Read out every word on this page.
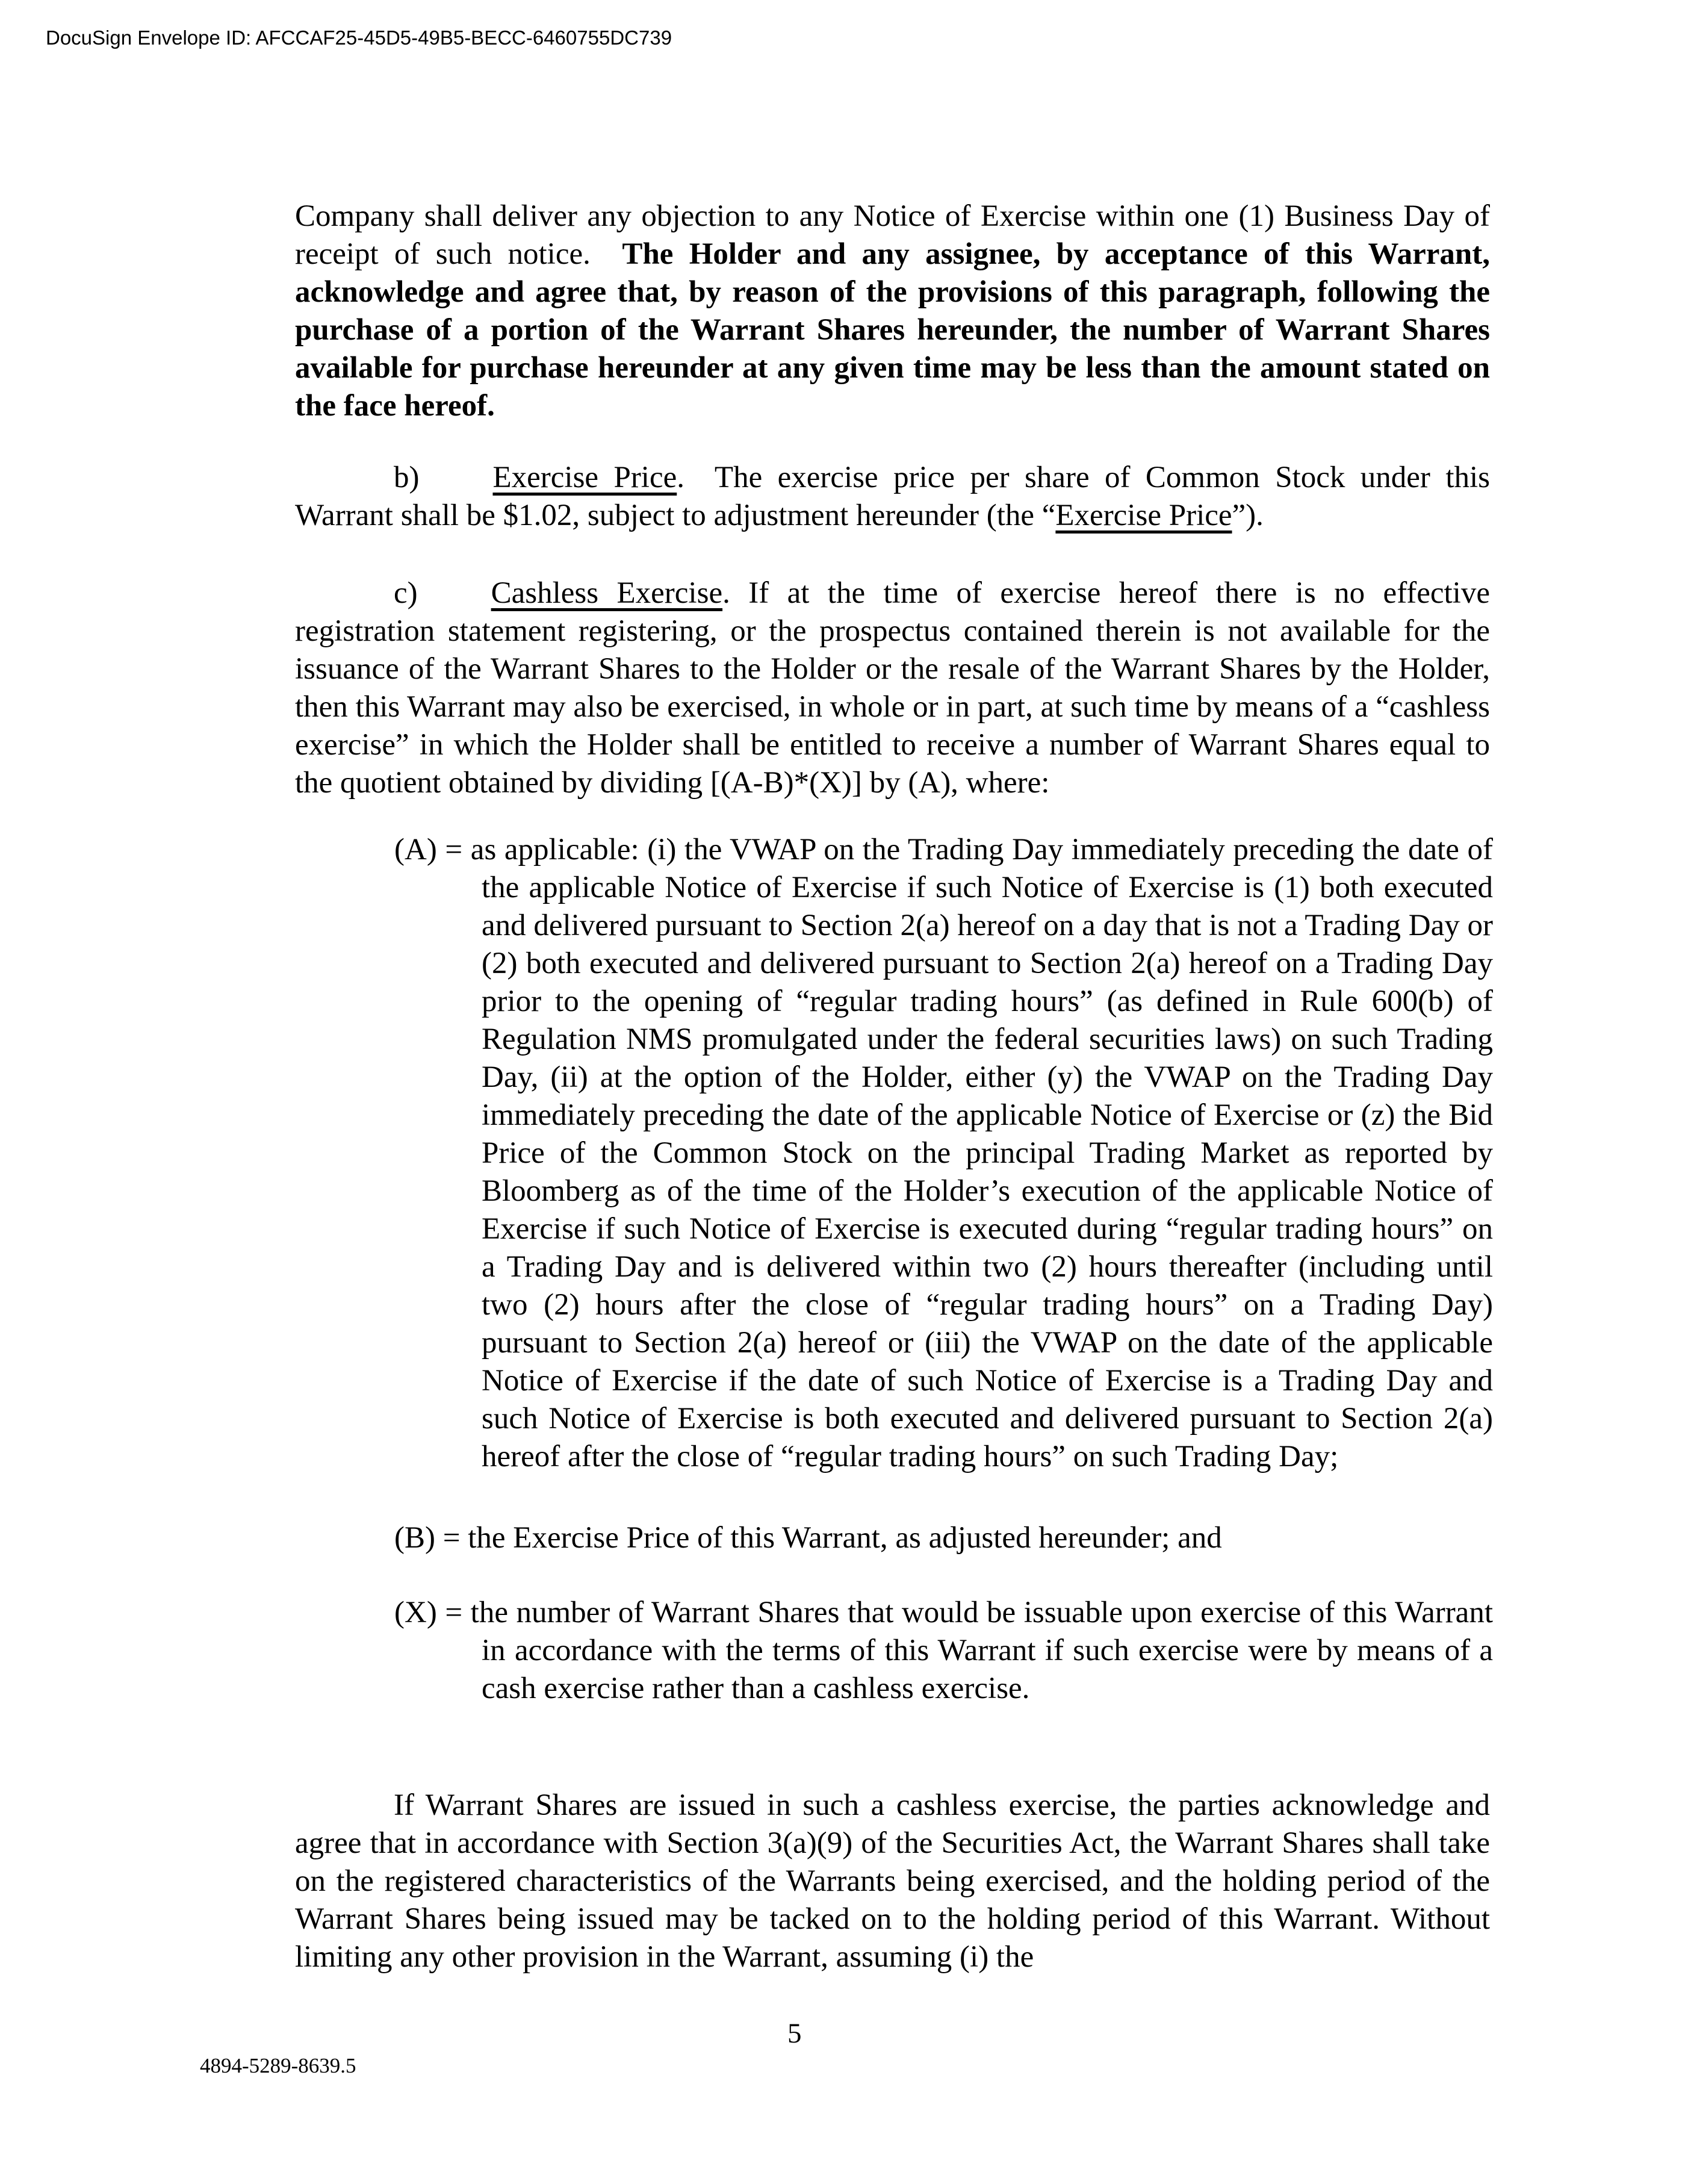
DocuSign Envelope ID: AFCCAF25-45D5-49B5-BECC-6460755DC739

Company shall deliver any objection to any Notice of Exercise within one (1) Business Day of receipt of such notice.  The Holder and any assignee, by acceptance of this Warrant, acknowledge and agree that, by reason of the provisions of this paragraph, following the purchase of a portion of the Warrant Shares hereunder, the number of Warrant Shares available for purchase hereunder at any given time may be less than the amount stated on the face hereof.

b) Exercise Price.  The exercise price per share of Common Stock under this Warrant shall be $1.02, subject to adjustment hereunder (the “Exercise Price”).

c) Cashless Exercise. If at the time of exercise hereof there is no effective registration statement registering, or the prospectus contained therein is not available for the issuance of the Warrant Shares to the Holder or the resale of the Warrant Shares by the Holder, then this Warrant may also be exercised, in whole or in part, at such time by means of a “cashless exercise” in which the Holder shall be entitled to receive a number of Warrant Shares equal to the quotient obtained by dividing [(A-B)*(X)] by (A), where:

(A) = as applicable: (i) the VWAP on the Trading Day immediately preceding the date of the applicable Notice of Exercise if such Notice of Exercise is (1) both executed and delivered pursuant to Section 2(a) hereof on a day that is not a Trading Day or (2) both executed and delivered pursuant to Section 2(a) hereof on a Trading Day prior to the opening of “regular trading hours” (as defined in Rule 600(b) of Regulation NMS promulgated under the federal securities laws) on such Trading Day, (ii) at the option of the Holder, either (y) the VWAP on the Trading Day immediately preceding the date of the applicable Notice of Exercise or (z) the Bid Price of the Common Stock on the principal Trading Market as reported by Bloomberg as of the time of the Holder’s execution of the applicable Notice of Exercise if such Notice of Exercise is executed during “regular trading hours” on a Trading Day and is delivered within two (2) hours thereafter (including until two (2) hours after the close of “regular trading hours” on a Trading Day) pursuant to Section 2(a) hereof or (iii) the VWAP on the date of the applicable Notice of Exercise if the date of such Notice of Exercise is a Trading Day and such Notice of Exercise is both executed and delivered pursuant to Section 2(a) hereof after the close of “regular trading hours” on such Trading Day;

(B) = the Exercise Price of this Warrant, as adjusted hereunder; and

(X) = the number of Warrant Shares that would be issuable upon exercise of this Warrant in accordance with the terms of this Warrant if such exercise were by means of a cash exercise rather than a cashless exercise.

If Warrant Shares are issued in such a cashless exercise, the parties acknowledge and agree that in accordance with Section 3(a)(9) of the Securities Act, the Warrant Shares shall take on the registered characteristics of the Warrants being exercised, and the holding period of the Warrant Shares being issued may be tacked on to the holding period of this Warrant. Without limiting any other provision in the Warrant, assuming (i) the

5
4894-5289-8639.5
